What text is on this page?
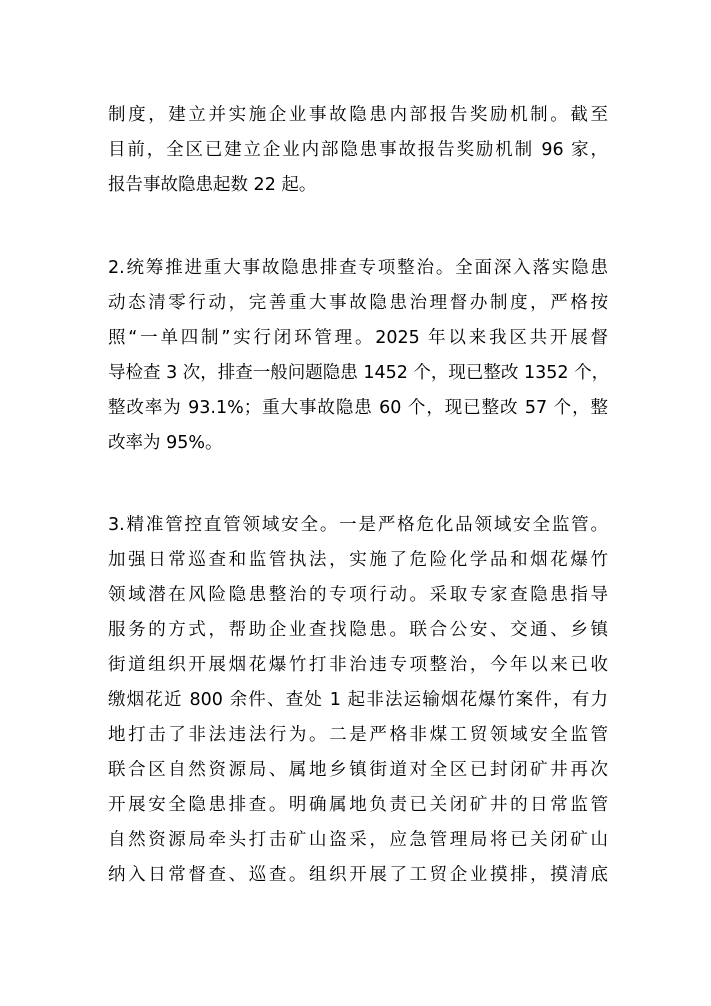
制度，建立并实施企业事故隐患内部报告奖励机制。截至
目前，全区已建立企业内部隐患事故报告奖励机制 96 家，
报告事故隐患起数 22 起。
2.统筹推进重大事故隐患排查专项整治。全面深入落实隐患
动态清零行动，完善重大事故隐患治理督办制度，严格按
照“一单四制”实行闭环管理。2025 年以来我区共开展督
导检查 3 次，排查一般问题隐患 1452 个，现已整改 1352 个，
整改率为 93.1%；重大事故隐患 60 个，现已整改 57 个，整
改率为 95%。
3.精准管控直管领域安全。一是严格危化品领域安全监管。
加强日常巡查和监管执法，实施了危险化学品和烟花爆竹
领域潜在风险隐患整治的专项行动。采取专家查隐患指导
服务的方式，帮助企业查找隐患。联合公安、交通、乡镇
街道组织开展烟花爆竹打非治违专项整治，今年以来已收
缴烟花近 800 余件、查处 1 起非法运输烟花爆竹案件，有力
地打击了非法违法行为。二是严格非煤工贸领域安全监管
联合区自然资源局、属地乡镇街道对全区已封闭矿井再次
开展安全隐患排查。明确属地负责已关闭矿井的日常监管
自然资源局牵头打击矿山盗采，应急管理局将已关闭矿山
纳入日常督查、巡查。组织开展了工贸企业摸排，摸清底
